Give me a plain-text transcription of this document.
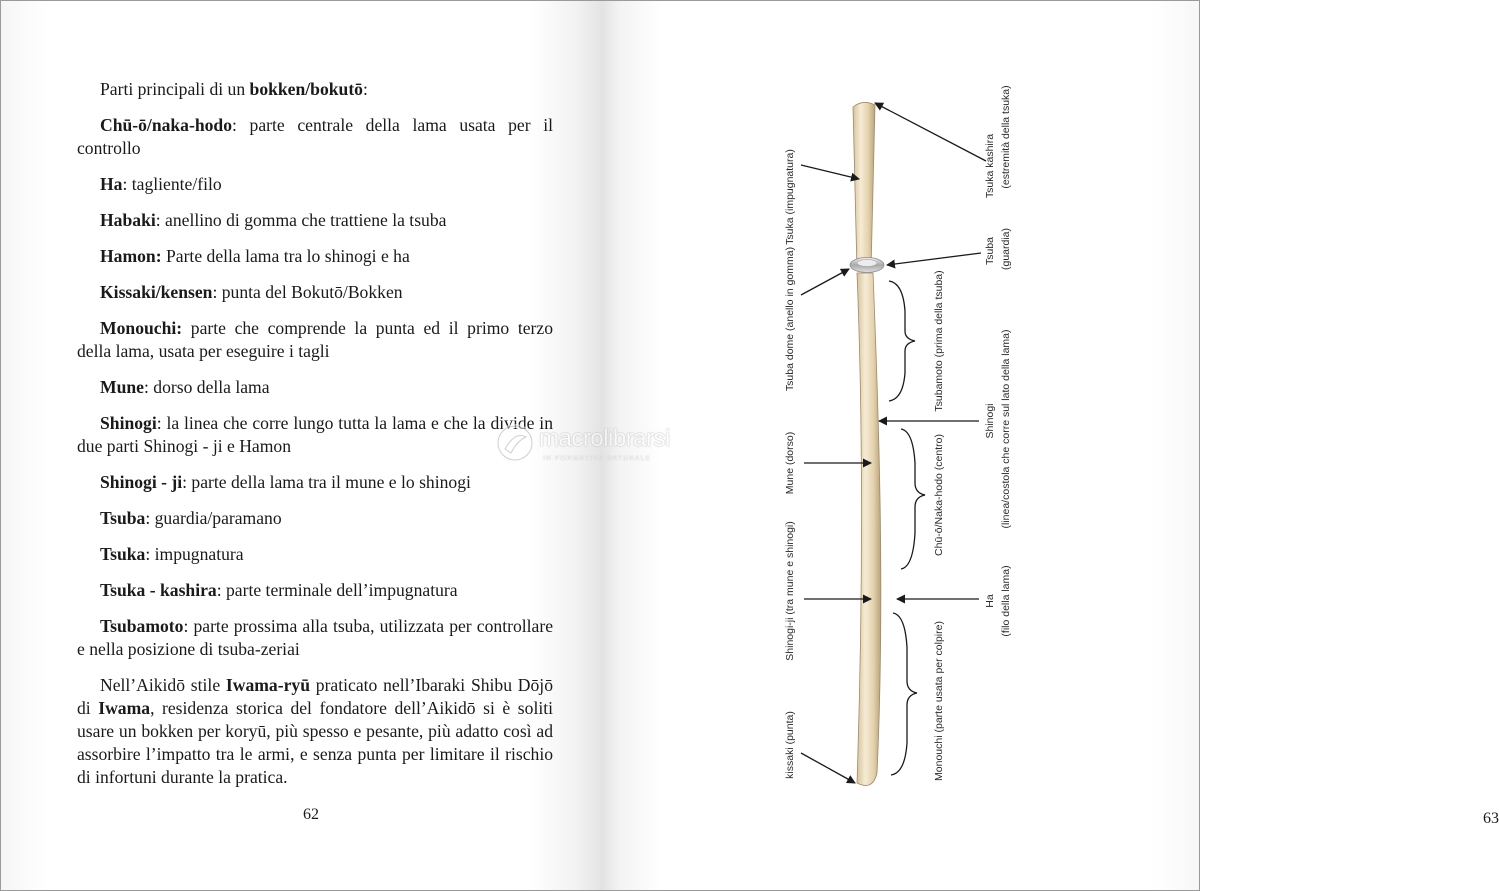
Parti principali di un bokken/bokutō:

Chū-ō/naka-hodo: parte centrale della lama usata per il controllo

Ha: tagliente/filo

Habaki: anellino di gomma che trattiene la tsuba

Hamon: Parte della lama tra lo shinogi e ha

Kissaki/kensen: punta del Bokutō/Bokken

Monouchi: parte che comprende la punta ed il primo terzo della lama, usata per eseguire i tagli

Mune: dorso della lama

Shinogi: la linea che corre lungo tutta la lama e che la divide in due parti Shinogi - ji e Hamon

Shinogi - ji: parte della lama tra il mune e lo shinogi

Tsuba: guardia/paramano

Tsuka: impugnatura

Tsuka - kashira: parte terminale dell’impugnatura

Tsubamoto: parte prossima alla tsuba, utilizzata per controllare e nella posizione di tsuba-zeriai

Nell’Aikidō stile Iwama-ryū praticato nell’Ibaraki Shibu Dōjō di Iwama, residenza storica del fondatore dell’Aikidō si è soliti usare un bokken per koryū, più spesso e pesante, più adatto così ad assorbire l’impatto tra le armi, e senza punta per limitare il rischio di infortuni durante la pratica.

62	63
Tsuka (impugnatura)
Tsuba dome (anello in gomma)
Mune (dorso)
Shinogi-ji (tra mune e shinogi)
kissaki (punta)
Tsubamoto (prima della tsuba)
Chū-ō/Naka-hodo (centro)
Monouchi (parte usata per colpire)
Tsuka kashira (estremità della tsuka)
Tsuba (guardia)
Shinogi (linea/costola che corre sul lato della lama)
Ha (filo della lama)
macrolibrarsi
IN FORMATIVA NATURALE
